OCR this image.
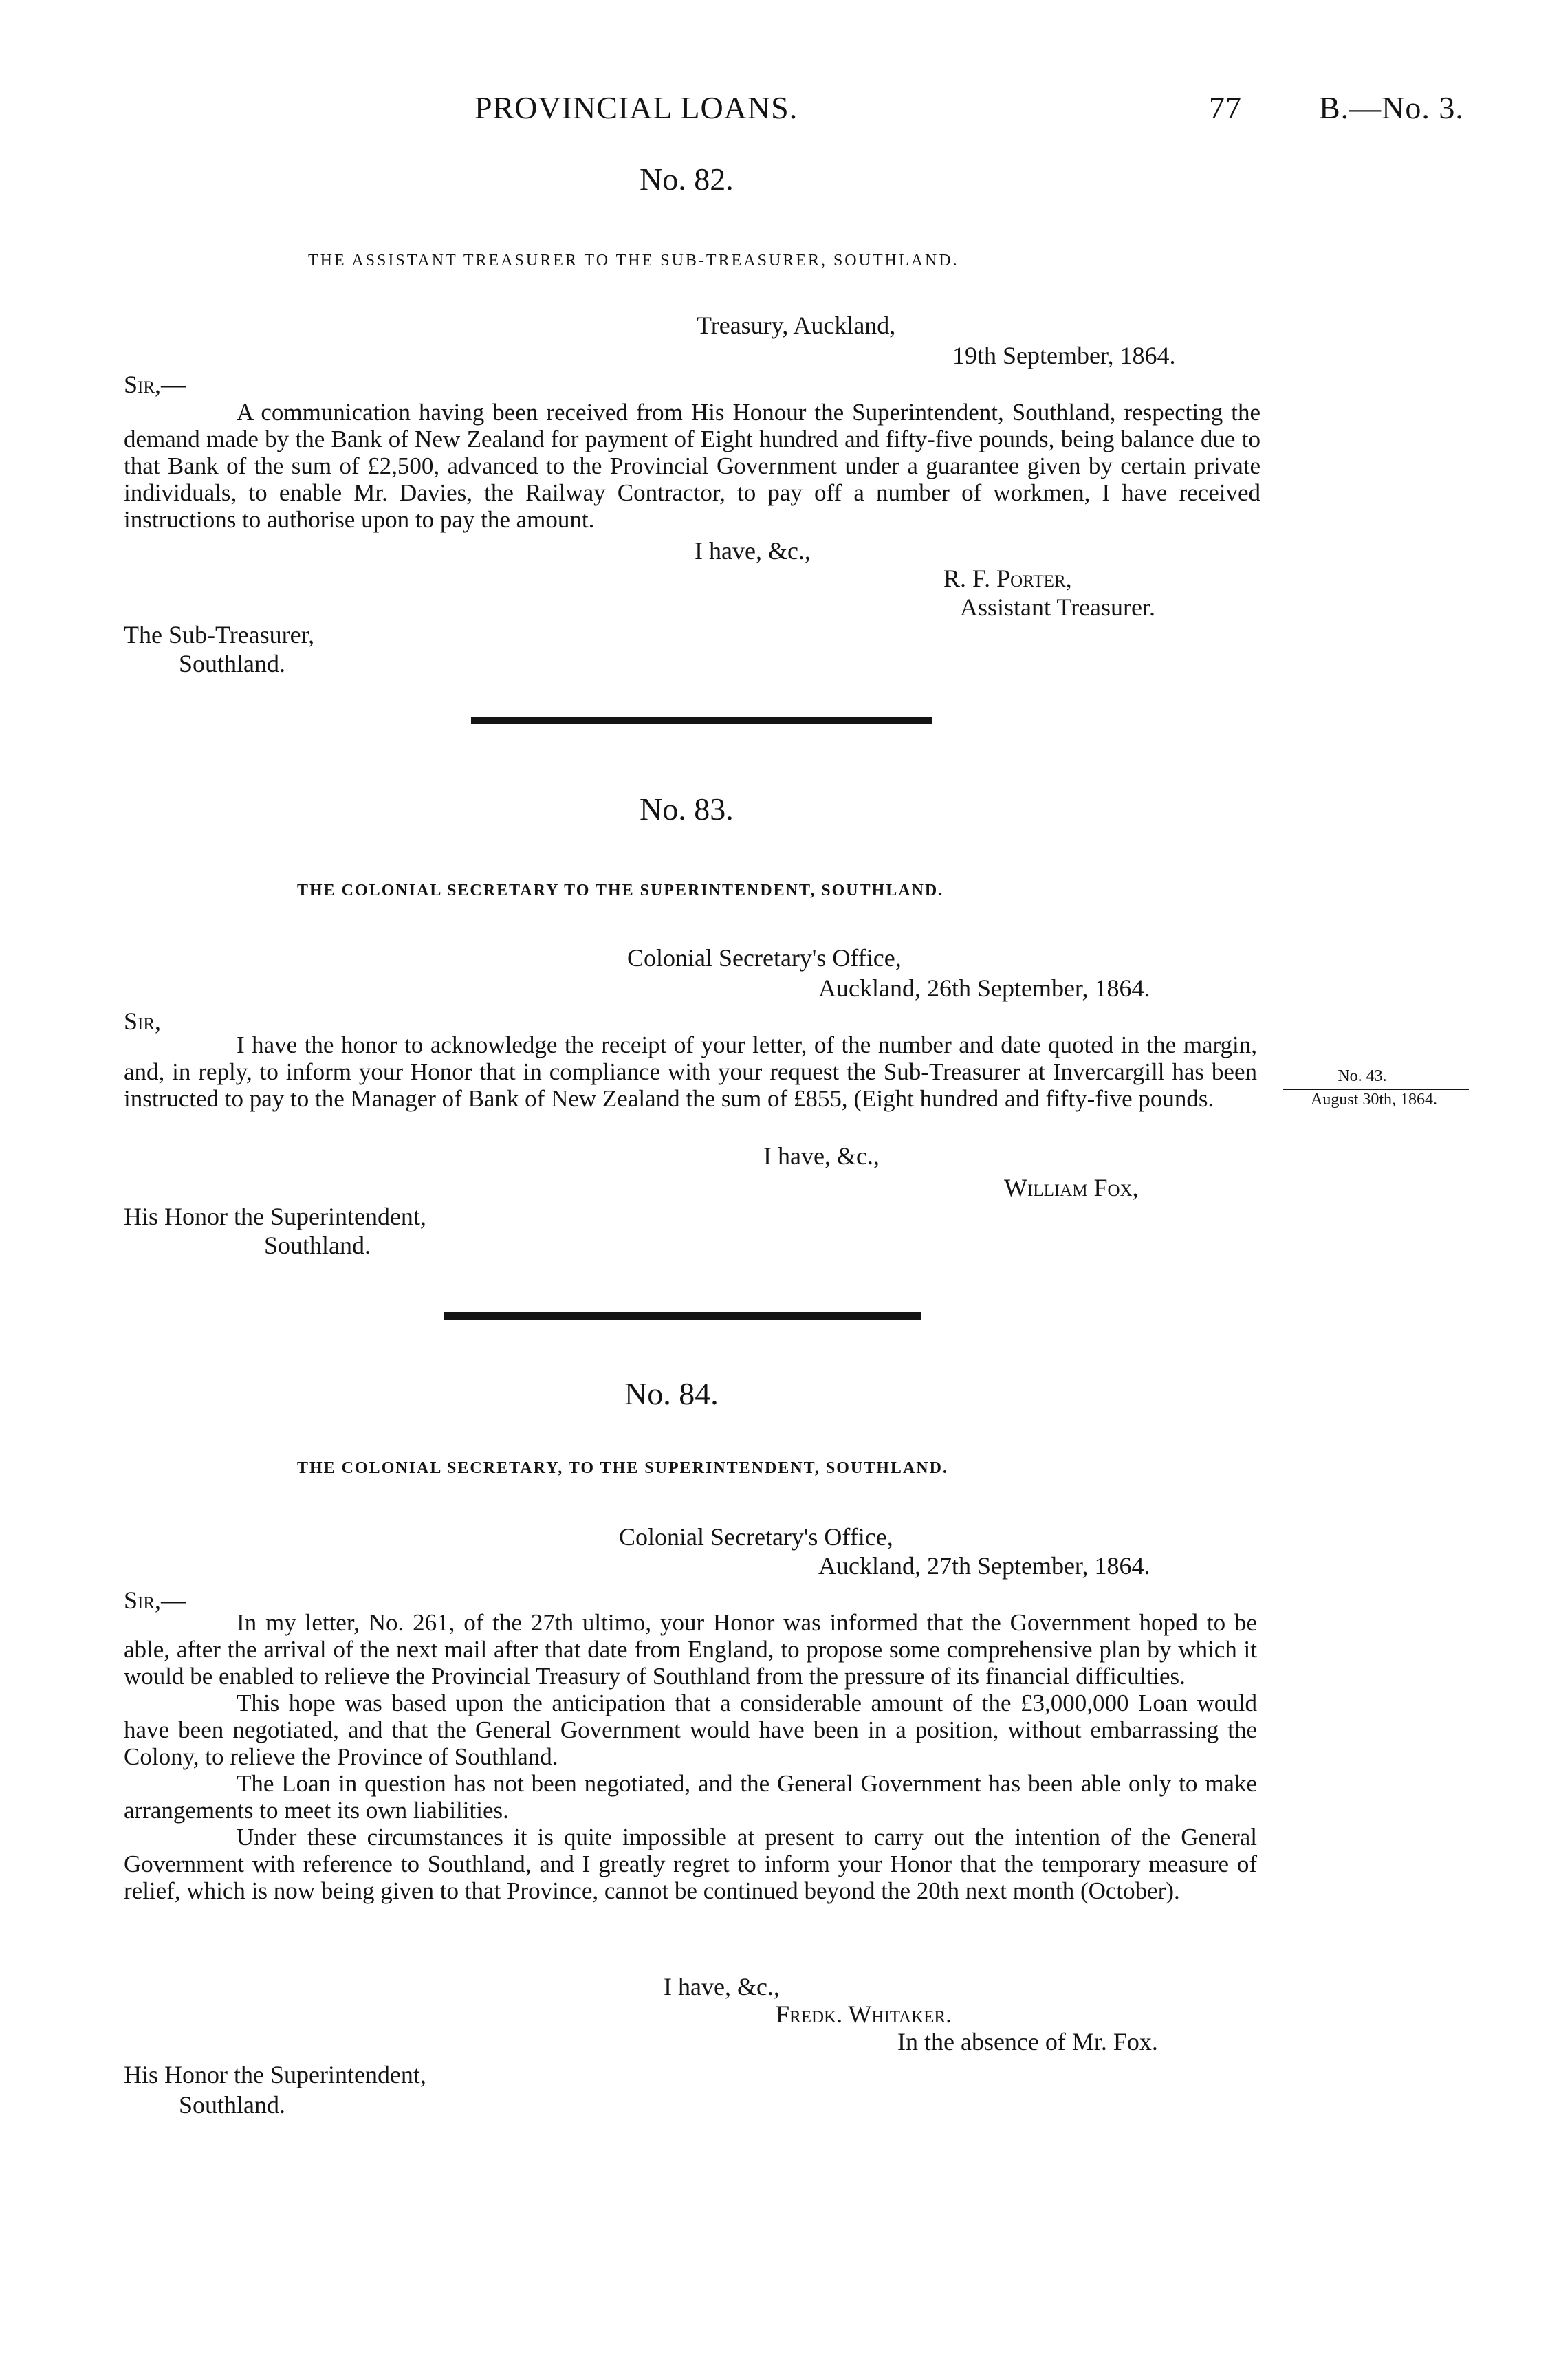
PROVINCIAL LOANS.	77 B.—No. 3.
No. 82.
THE ASSISTANT TREASURER TO THE SUB-TREASURER, SOUTHLAND.
Treasury, Auckland,
19th September, 1864.
Sir,—

A communication having been received from His Honour the Superintendent, Southland, respecting the demand made by the Bank of New Zealand for payment of Eight hundred and fifty-five pounds, being balance due to that Bank of the sum of £2,500, advanced to the Provincial Government under a guarantee given by certain private individuals, to enable Mr. Davies, the Railway Contractor, to pay off a number of workmen, I have received instructions to authorise upon to pay the amount.

I have, &c.,
R. F. Porter,
Assistant Treasurer.
The Sub-Treasurer,
Southland.
No. 83.
THE COLONIAL SECRETARY TO THE SUPERINTENDENT, SOUTHLAND.
Colonial Secretary's Office,
Auckland, 26th September, 1864.
Sir,

I have the honor to acknowledge the receipt of your letter, of the number and date quoted in the margin, and, in reply, to inform your Honor that in compliance with your request the Sub-Treasurer at Invercargill has been instructed to pay to the Manager of Bank of New Zealand the sum of £855, (Eight hundred and fifty-five pounds.

No. 43.
August 30th, 1864.
I have, &c.,
William Fox,
His Honor the Superintendent,
Southland.
No. 84.
THE COLONIAL SECRETARY, TO THE SUPERINTENDENT, SOUTHLAND.
Colonial Secretary's Office,
Auckland, 27th September, 1864.
Sir,—

In my letter, No. 261, of the 27th ultimo, your Honor was informed that the Government hoped to be able, after the arrival of the next mail after that date from England, to propose some comprehensive plan by which it would be enabled to relieve the Provincial Treasury of Southland from the pressure of its financial difficulties.

This hope was based upon the anticipation that a considerable amount of the £3,000,000 Loan would have been negotiated, and that the General Government would have been in a position, without embarrassing the Colony, to relieve the Province of Southland.

The Loan in question has not been negotiated, and the General Government has been able only to make arrangements to meet its own liabilities.

Under these circumstances it is quite impossible at present to carry out the intention of the General Government with reference to Southland, and I greatly regret to inform your Honor that the temporary measure of relief, which is now being given to that Province, cannot be continued beyond the 20th next month (October).

I have, &c.,
Fredk. Whitaker.
In the absence of Mr. Fox.
His Honor the Superintendent,
Southland.
